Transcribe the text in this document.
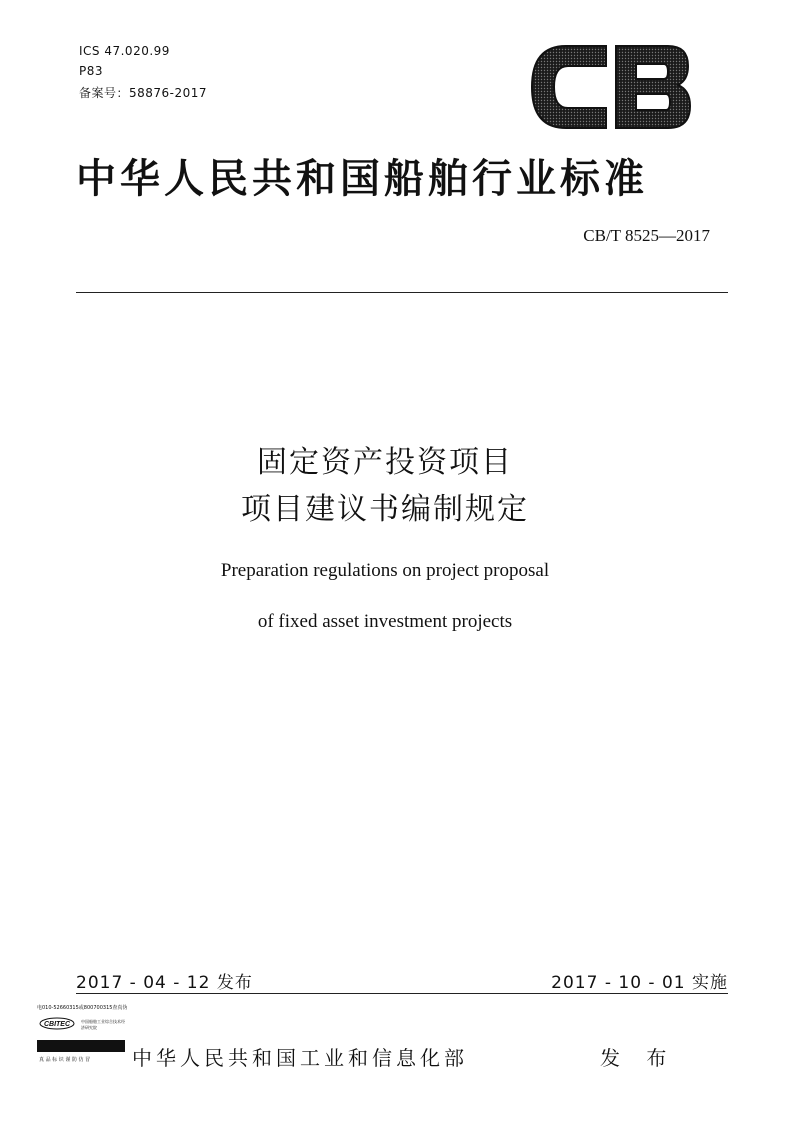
ICS 47.020.99
P83
备案号：58876-2017
中华人民共和国船舶行业标准
CB/T 8525—2017
固定资产投资项目
项目建议书编制规定
Preparation regulations on project proposal
of fixed asset investment projects
2017 - 04 - 12 发布	2017 - 10 - 01 实施
电010-52660315或800700315查真伪
CBITEC	中国船舶工业综合技术经济研究院
真 品 标 识 谨 防 仿 冒 中华人民共和国工业和信息化部	发 布
